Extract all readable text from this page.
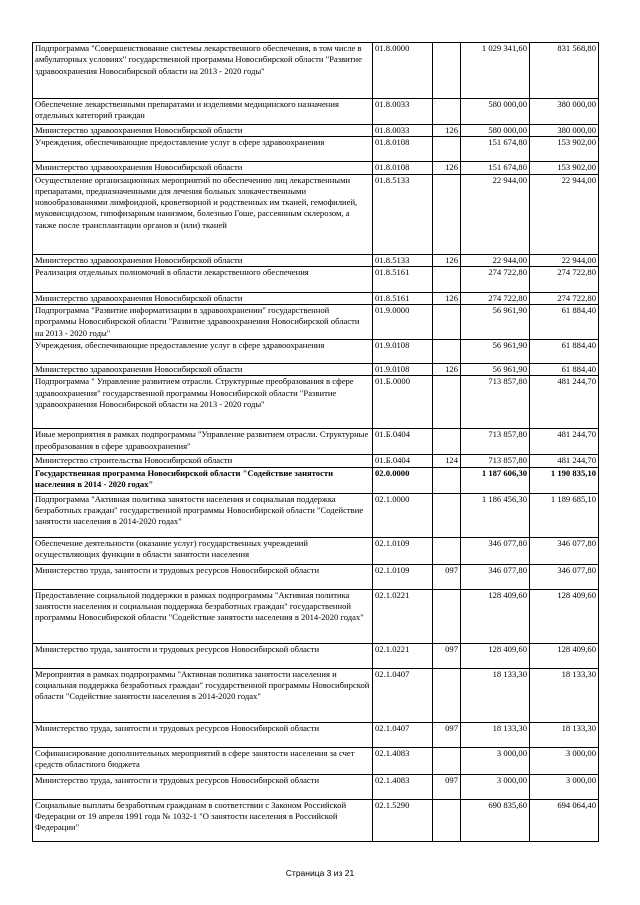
Подпрограмма "Совершенствование системы лекарственного обеспечения, в том числе в амбулаторных условиях" государственной программы Новосибирской области "Развитие здравоохранения Новосибирской области на 2013 - 2020 годы"	01.8.0000		1 029 341,60	831 568,80
Обеспечение лекарственными препаратами и изделиями медицинского назначения отдельных категорий граждан	01.8.0033		580 000,00	380 000,00
Министерство здравоохранения Новосибирской области	01.8.0033	126	580 000,00	380 000,00
Учреждения, обеспечивающие предоставление услуг в сфере здравоохранения	01.8.0108		151 674,80	153 902,00
Министерство здравоохранения Новосибирской области	01.8.0108	126	151 674,80	153 902,00
Осуществление организационных мероприятий по обеспечению лиц лекарственными препаратами, предназначенными для лечения больных злокачественными новообразованиями лимфоидной, кроветворной и родственных им тканей, гемофилией, муковисцидозом, гипофизарным нанизмом, болезнью Гоше, рассеянным склерозом, а также после трансплантации органов и (или) тканей	01.8.5133		22 944,00	22 944,00
Министерство здравоохранения Новосибирской области	01.8.5133	126	22 944,00	22 944,00
Реализация отдельных полномочий в области лекарственного обеспечения	01.8.5161		274 722,80	274 722,80
Министерство здравоохранения Новосибирской области	01.8.5161	126	274 722,80	274 722,80
Подпрограмма "Развитие информатизации в здравоохранении" государственной программы Новосибирской области "Развитие здравоохранения Новосибирской области на 2013 - 2020 годы"	01.9.0000		56 961,90	61 884,40
Учреждения, обеспечивающие предоставление услуг в сфере здравоохранения	01.9.0108		56 961,90	61 884,40
Министерство здравоохранения Новосибирской области	01.9.0108	126	56 961,90	61 884,40
Подпрограмма " Управление развитием отрасли. Структурные преобразования в сфере здравоохранения" государственной программы Новосибирской области "Развитие здравоохранения Новосибирской области на 2013 - 2020 годы"	01.Б.0000		713 857,80	481 244,70
Иные мероприятия в рамках подпрограммы "Управление развитием отрасли. Структурные преобразования в сфере здравоохранения"	01.Б.0404		713 857,80	481 244,70
Министерство строительства Новосибирской области	01.Б.0404	124	713 857,80	481 244,70
Государственная программа Новосибирской области "Содействие занятости населения в 2014 - 2020 годах"	02.0.0000		1 187 606,30	1 190 835,10
Подпрограмма "Активная политика занятости населения и социальная поддержка безработных граждан" государственной программы Новосибирской области "Содействие занятости населения в 2014-2020 годах"	02.1.0000		1 186 456,30	1 189 685,10
Обеспечение деятельности (оказание услуг) государственных учреждений осуществляющих функции в области занятости населения	02.1.0109		346 077,80	346 077,80
Министерство труда, занятости и трудовых ресурсов Новосибирской области	02.1.0109	097	346 077,80	346 077,80
Предоставление социальной поддержки в рамках подпрограммы "Активная политика занятости населения и социальная поддержка безработных граждан" государственной программы Новосибирской области "Содействие занятости населения в 2014-2020 годах"	02.1.0221		128 409,60	128 409,60
Министерство труда, занятости и трудовых ресурсов Новосибирской области	02.1.0221	097	128 409,60	128 409,60
Мероприятия в рамках подпрограммы "Активная политика занятости населения и социальная поддержка безработных граждан" государственной программы Новосибирской области "Содействие занятости населения в 2014-2020 годах"	02.1.0407		18 133,30	18 133,30
Министерство труда, занятости и трудовых ресурсов Новосибирской области	02.1.0407	097	18 133,30	18 133,30
Софинансирование дополнительных мероприятий в сфере занятости населения за счет средств областного бюджета	02.1.4083		3 000,00	3 000,00
Министерство труда, занятости и трудовых ресурсов Новосибирской области	02.1.4083	097	3 000,00	3 000,00
Социальные выплаты безработным гражданам в соответствии с Законом Российской Федерации от 19 апреля 1991 года № 1032-1 "О занятости населения в Российской Федерации"	02.1.5290		690 835,60	694 064,40
Страница 3 из 21
